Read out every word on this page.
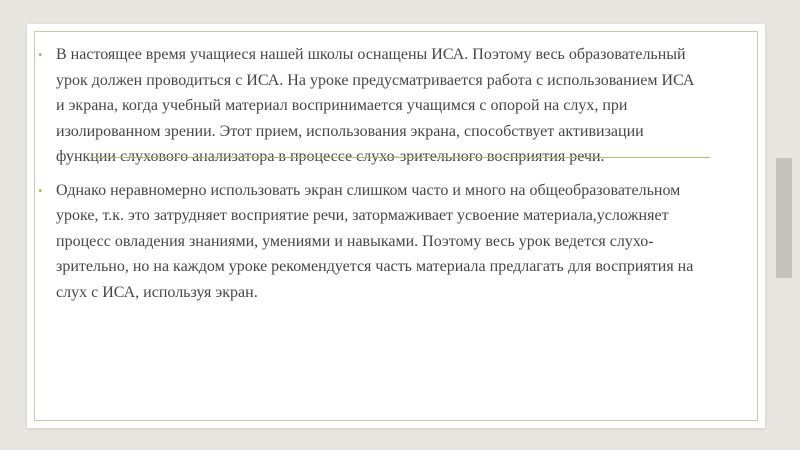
• В настоящее время учащиеся нашей школы оснащены ИСА. Поэтому весь образовательный урок должен проводиться с ИСА. На уроке предусматривается работа с использованием ИСА и экрана, когда учебный материал воспринимается учащимся с опорой на слух, при изолированном зрении. Этот прием, использования экрана, способствует активизации функции слухового анализатора в процессе слухо-зрительного восприятия речи.

• Однако неравномерно использовать экран слишком часто и много на общеобразовательном уроке, т.к. это затрудняет восприятие речи, затормаживает усвоение материала,усложняет процесс овладения знаниями, умениями и навыками. Поэтому весь урок ведется слухо- зрительно, но на каждом уроке рекомендуется часть материала предлагать для восприятия на слух с ИСА, используя экран.
